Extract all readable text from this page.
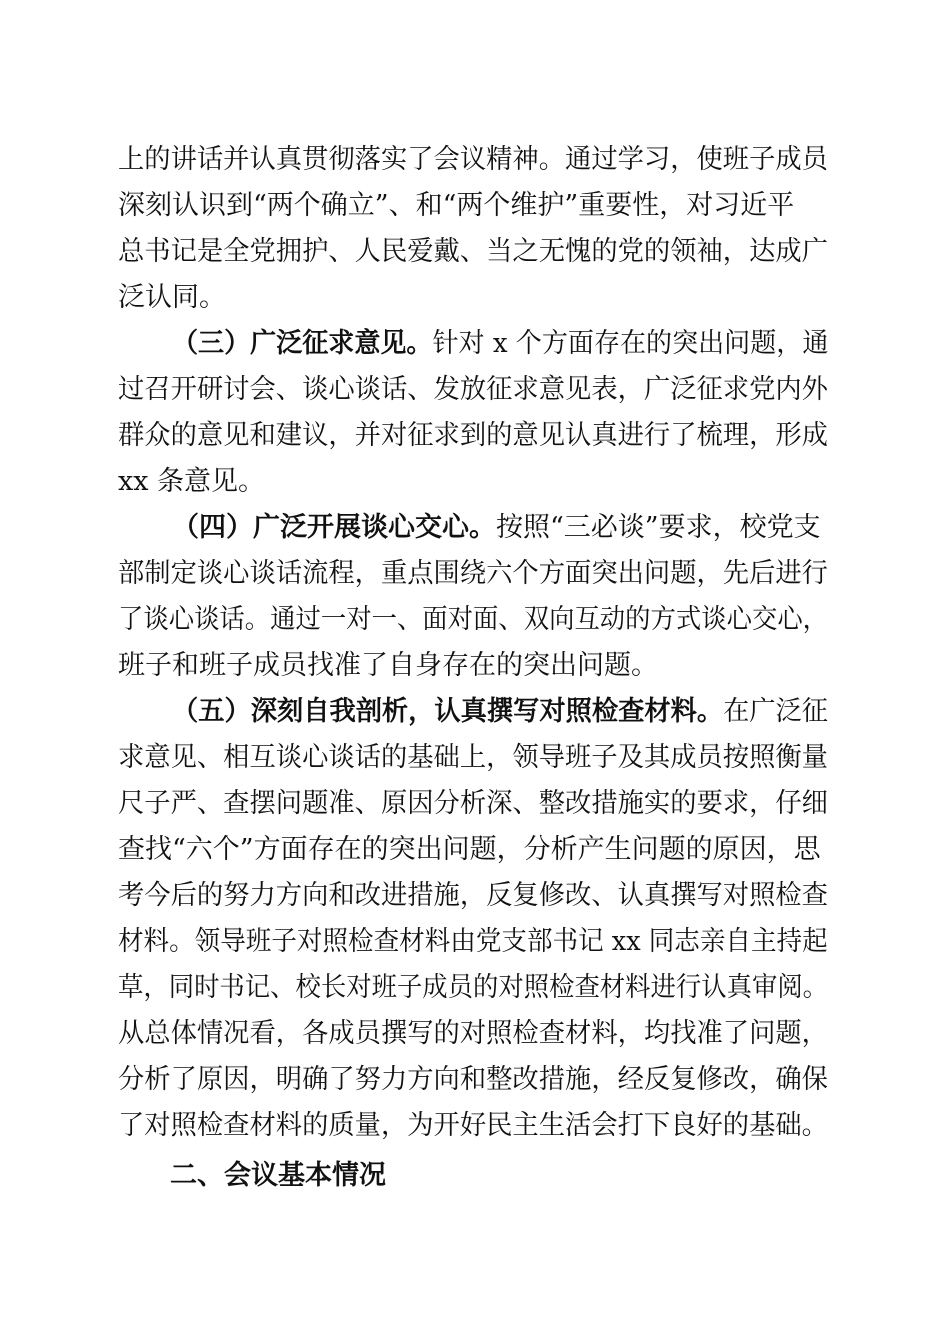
上的讲话并认真贯彻落实了会议精神。通过学习，使班子成员
深刻认识到“两个确立”、和“两个维护”重要性，对习近平
总书记是全党拥护、人民爱戴、当之无愧的党的领袖，达成广
泛认同。
（三）广泛征求意见。针对 x 个方面存在的突出问题，通
过召开研讨会、谈心谈话、发放征求意见表，广泛征求党内外
群众的意见和建议，并对征求到的意见认真进行了梳理，形成
xx 条意见。
（四）广泛开展谈心交心。按照“三必谈”要求，校党支
部制定谈心谈话流程，重点围绕六个方面突出问题，先后进行
了谈心谈话。通过一对一、面对面、双向互动的方式谈心交心，
班子和班子成员找准了自身存在的突出问题。
（五）深刻自我剖析，认真撰写对照检查材料。在广泛征
求意见、相互谈心谈话的基础上，领导班子及其成员按照衡量
尺子严、查摆问题准、原因分析深、整改措施实的要求，仔细
查找“六个”方面存在的突出问题，分析产生问题的原因，思
考今后的努力方向和改进措施，反复修改、认真撰写对照检查
材料。领导班子对照检查材料由党支部书记 xx 同志亲自主持起
草，同时书记、校长对班子成员的对照检查材料进行认真审阅。
从总体情况看，各成员撰写的对照检查材料，均找准了问题，
分析了原因，明确了努力方向和整改措施，经反复修改，确保
了对照检查材料的质量，为开好民主生活会打下良好的基础。
二、会议基本情况
